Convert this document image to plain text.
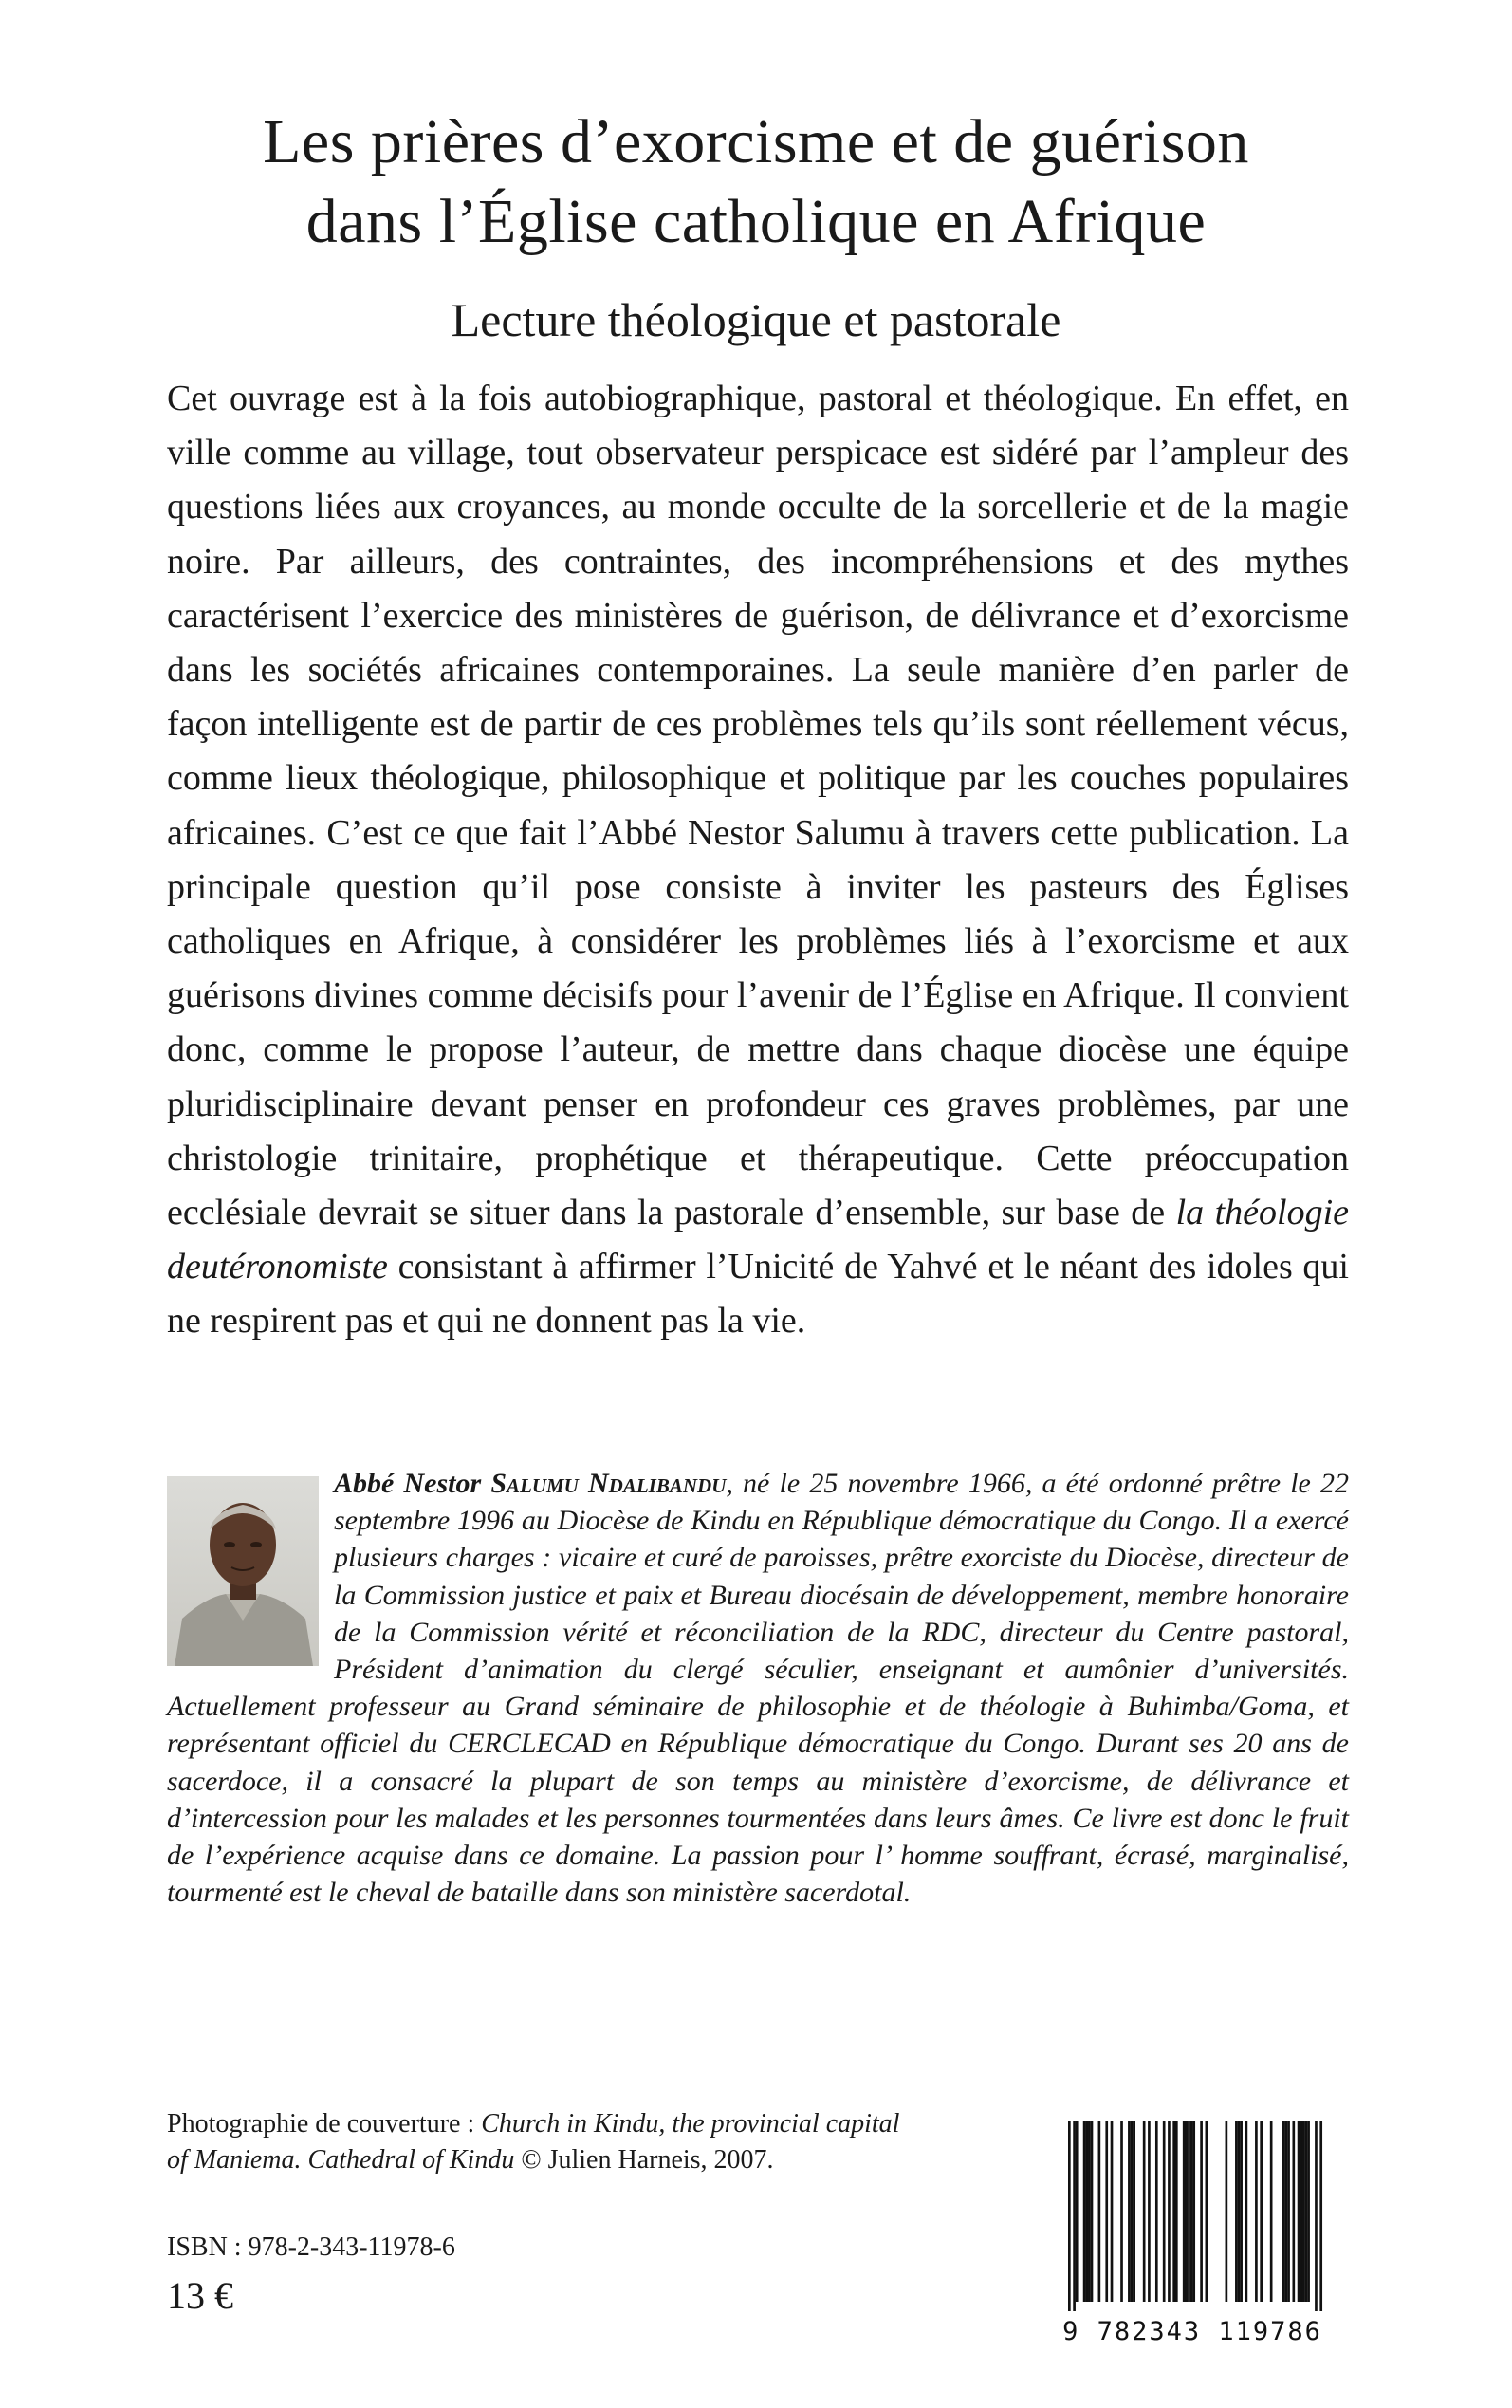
Les prières d’exorcisme et de guérison
dans l’Église catholique en Afrique
Lecture théologique et pastorale

Cet ouvrage est à la fois autobiographique, pastoral et théologique. En effet, en ville comme au village, tout observateur perspicace est sidéré par l’ampleur des questions liées aux croyances, au monde occulte de la sorcellerie et de la magie noire. Par ailleurs, des contraintes, des incompréhensions et des mythes caractérisent l’exercice des ministères de guérison, de délivrance et d’exorcisme dans les sociétés africaines contemporaines. La seule manière d’en parler de façon intelligente est de partir de ces problèmes tels qu’ils sont réellement vécus, comme lieux théologique, philosophique et politique par les couches populaires africaines. C’est ce que fait l’Abbé Nestor Salumu à travers cette publication. La principale question qu’il pose consiste à inviter les pasteurs des Églises catholiques en Afrique, à considérer les problèmes liés à l’exorcisme et aux guérisons divines comme décisifs pour l’avenir de l’Église en Afrique. Il convient donc, comme le propose l’auteur, de mettre dans chaque diocèse une équipe pluridisciplinaire devant penser en profondeur ces graves problèmes, par une christologie trinitaire, prophétique et thérapeutique. Cette préoccupation ecclésiale devrait se situer dans la pastorale d’ensemble, sur base de la théologie deutéronomiste consistant à affirmer l’Unicité de Yahvé et le néant des idoles qui ne respirent pas et qui ne donnent pas la vie.

Abbé Nestor Salumu Ndalibandu, né le 25 novembre 1966, a été ordonné prêtre le 22 septembre 1996 au Diocèse de Kindu en République démocratique du Congo. Il a exercé plusieurs charges : vicaire et curé de paroisses, prêtre exorciste du Diocèse, directeur de la Commission justice et paix et Bureau diocésain de développement, membre honoraire de la Commission vérité et réconciliation de la RDC, directeur du Centre pastoral, Président d’animation du clergé séculier, enseignant et aumônier d’universités. Actuellement professeur au Grand séminaire de philosophie et de théologie à Buhimba/Goma, et représentant officiel du CERCLECAD en République démocratique du Congo. Durant ses 20 ans de sacerdoce, il a consacré la plupart de son temps au ministère d’exorcisme, de délivrance et d’intercession pour les malades et les personnes tourmentées dans leurs âmes. Ce livre est donc le fruit de l’expérience acquise dans ce domaine. La passion pour l’ homme souffrant, écrasé, marginalisé, tourmenté est le cheval de bataille dans son ministère sacerdotal.

Photographie de couverture : Church in Kindu, the provincial capital of Maniema. Cathedral of Kindu © Julien Harneis, 2007.
ISBN : 978-2-343-11978-6
13 €
9 782343 119786
